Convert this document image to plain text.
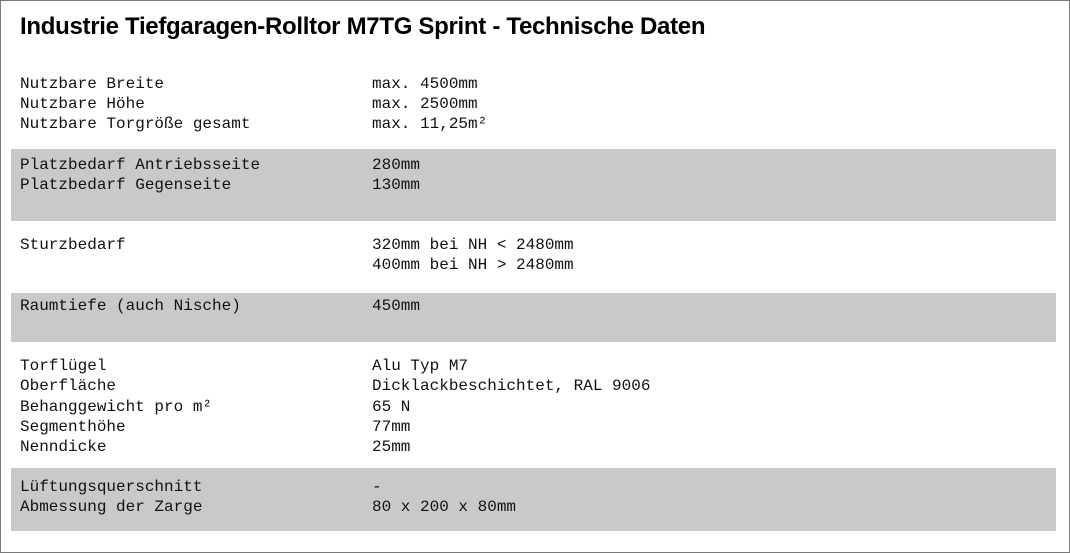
Industrie Tiefgaragen-Rolltor M7TG Sprint - Technische Daten
Nutzbare Breite	max. 4500mm
Nutzbare Höhe	max. 2500mm
Nutzbare Torgröße gesamt	max. 11,25m²
Platzbedarf Antriebsseite	280mm
Platzbedarf Gegenseite	130mm
Sturzbedarf	320mm bei NH < 2480mm
400mm bei NH > 2480mm
Raumtiefe (auch Nische)	450mm
Torflügel	Alu Typ M7
Oberfläche	Dicklackbeschichtet, RAL 9006
Behanggewicht pro m²	65 N
Segmenthöhe	77mm
Nenndicke	25mm
Lüftungsquerschnitt	-
Abmessung der Zarge	80 x 200 x 80mm
